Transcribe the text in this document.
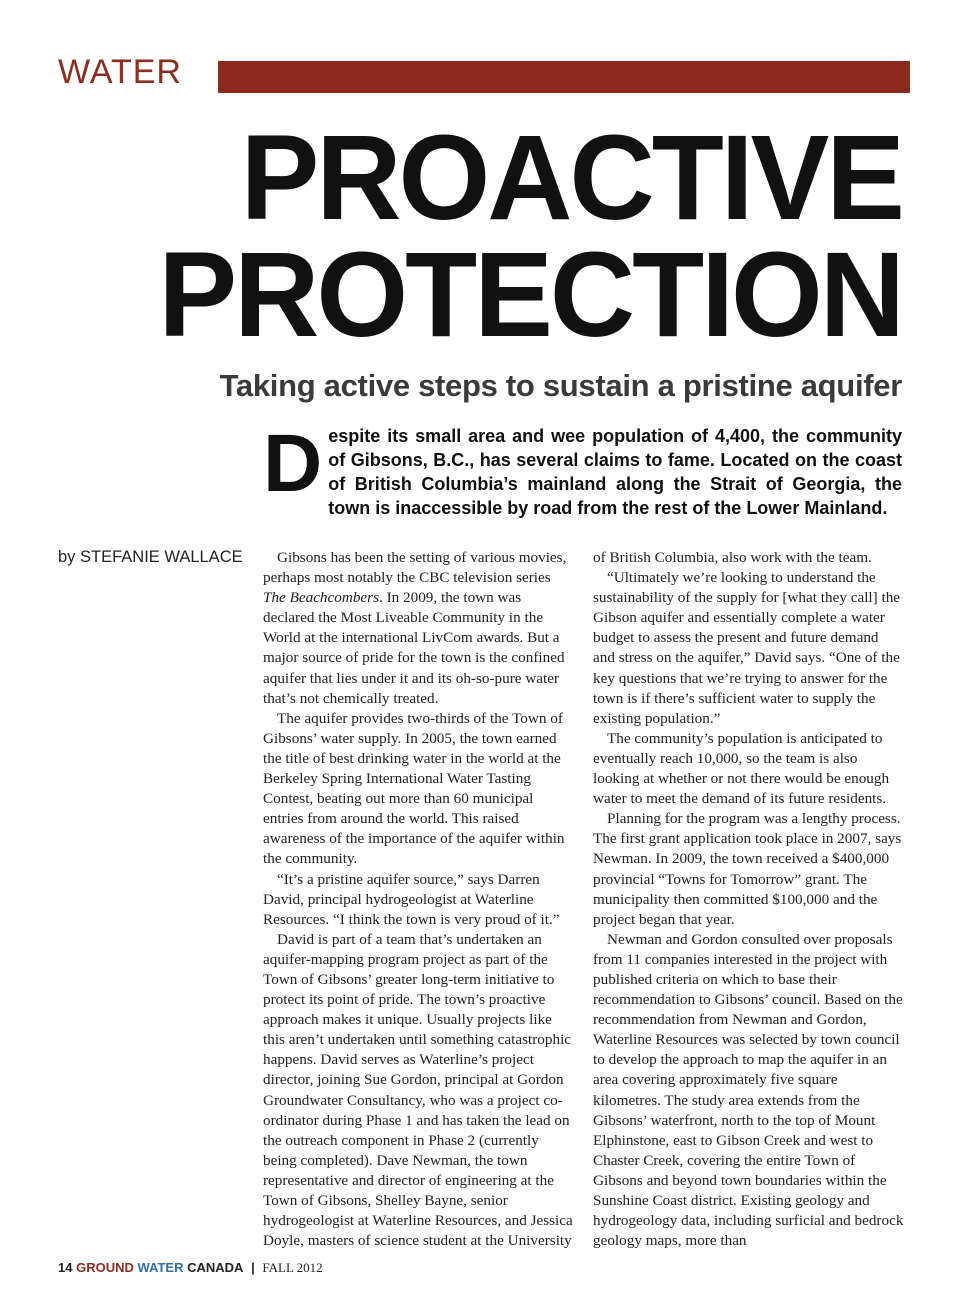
WATER
PROACTIVE
PROTECTION
Taking active steps to sustain a pristine aquifer
Despite its small area and wee population of 4,400, the community of Gibsons, B.C., has several claims to fame. Located on the coast of British Columbia’s mainland along the Strait of Georgia, the town is inaccessible by road from the rest of the Lower Mainland.
by STEFANIE WALLACE	Gibsons has been the setting of various movies, perhaps most notably the CBC television series The Beachcombers. In 2009, the town was declared the Most Liveable Community in the World at the international LivCom awards. But a major source of pride for the town is the confined aquifer that lies under it and its oh-so-pure water that’s not chemically treated.

The aquifer provides two-thirds of the Town of Gibsons’ water supply. In 2005, the town earned the title of best drinking water in the world at the Berkeley Spring International Water Tasting Contest, beating out more than 60 municipal entries from around the world. This raised awareness of the importance of the aquifer within the community.

“It’s a pristine aquifer source,” says Darren David, principal hydrogeologist at Waterline Resources. “I think the town is very proud of it.”

David is part of a team that’s undertaken an aquifer-mapping program project as part of the Town of Gibsons’ greater long-term initiative to protect its point of pride. The town’s proactive approach makes it unique. Usually projects like this aren’t undertaken until something catastrophic happens. David serves as Waterline’s project director, joining Sue Gordon, principal at Gordon Groundwater Consultancy, who was a project co-ordinator during Phase 1 and has taken the lead on the outreach component in Phase 2 (currently being completed). Dave Newman, the town representative and director of engineering at the Town of Gibsons, Shelley Bayne, senior hydrogeologist at Waterline Resources, and Jessica Doyle, masters of science student at the University

of British Columbia, also work with the team.

“Ultimately we’re looking to understand the sustainability of the supply for [what they call] the Gibson aquifer and essentially complete a water budget to assess the present and future demand and stress on the aquifer,” David says. “One of the key questions that we’re trying to answer for the town is if there’s sufficient water to supply the existing population.”

The community’s population is anticipated to eventually reach 10,000, so the team is also looking at whether or not there would be enough water to meet the demand of its future residents.

Planning for the program was a lengthy process. The first grant application took place in 2007, says Newman. In 2009, the town received a $400,000 provincial “Towns for Tomorrow” grant. The municipality then committed $100,000 and the project began that year.

Newman and Gordon consulted over proposals from 11 companies interested in the project with published criteria on which to base their recommendation to Gibsons’ council. Based on the recommendation from Newman and Gordon, Waterline Resources was selected by town council to develop the approach to map the aquifer in an area covering approximately five square kilometres. The study area extends from the Gibsons’ waterfront, north to the top of Mount Elphinstone, east to Gibson Creek and west to Chaster Creek, covering the entire Town of Gibsons and beyond town boundaries within the Sunshine Coast district. Existing geology and hydrogeology data, including surficial and bedrock geology maps, more than

14 GROUND WATER CANADA | FALL 2012
